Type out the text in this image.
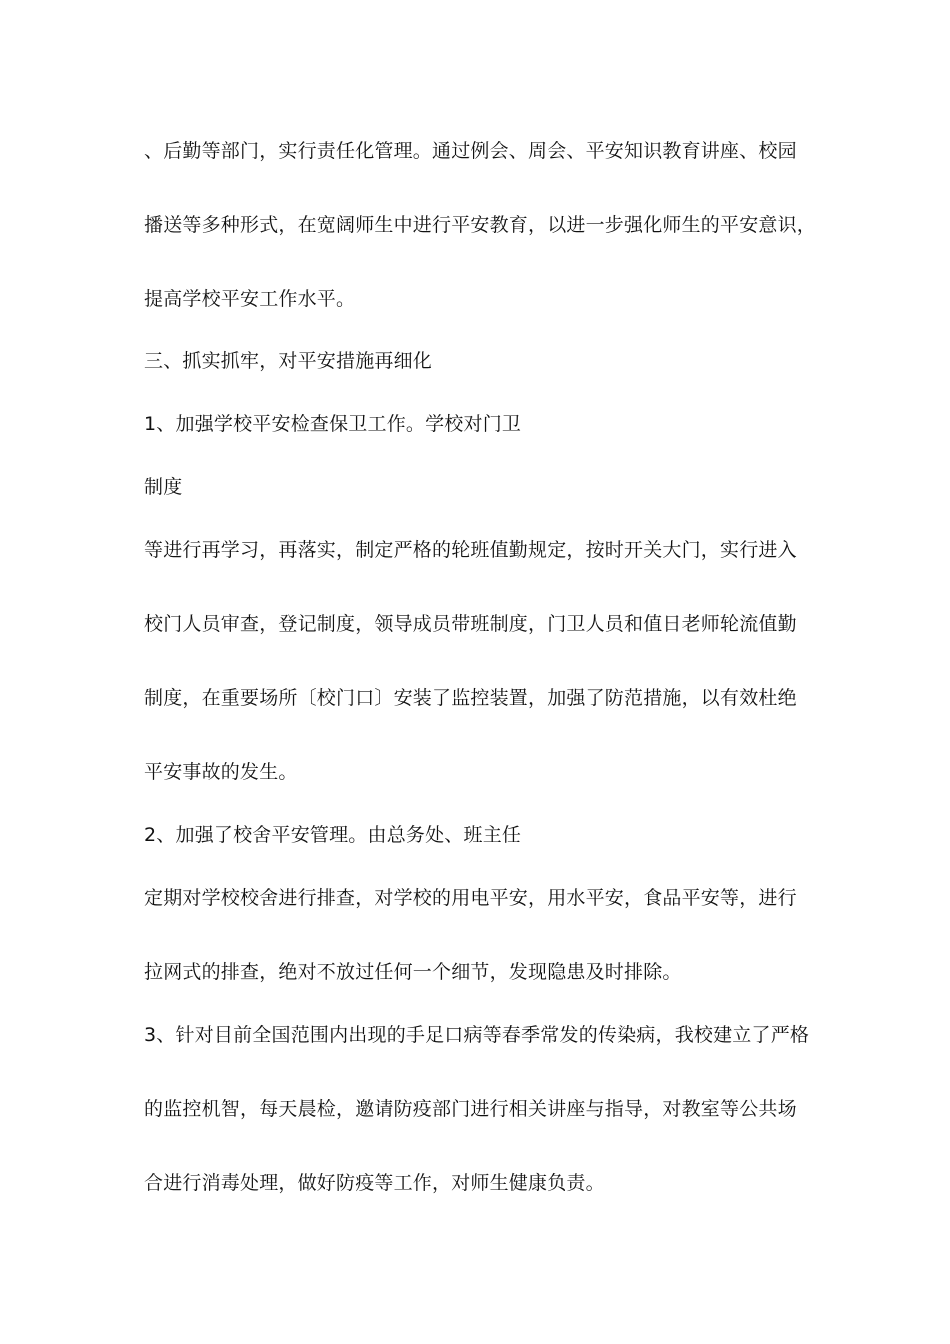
、后勤等部门，实行责任化管理。通过例会、周会、平安知识教育讲座、校园
播送等多种形式，在宽阔师生中进行平安教育，以进一步强化师生的平安意识，
提高学校平安工作水平。
三、抓实抓牢，对平安措施再细化
1、加强学校平安检查保卫工作。学校对门卫
制度
等进行再学习，再落实，制定严格的轮班值勤规定，按时开关大门，实行进入
校门人员审查，登记制度，领导成员带班制度，门卫人员和值日老师轮流值勤
制度，在重要场所〔校门口〕安装了监控装置，加强了防范措施，以有效杜绝
平安事故的发生。
2、加强了校舍平安管理。由总务处、班主任
定期对学校校舍进行排查，对学校的用电平安，用水平安，食品平安等，进行
拉网式的排查，绝对不放过任何一个细节，发现隐患及时排除。
3、针对目前全国范围内出现的手足口病等春季常发的传染病，我校建立了严格
的监控机智，每天晨检，邀请防疫部门进行相关讲座与指导，对教室等公共场
合进行消毒处理，做好防疫等工作，对师生健康负责。
